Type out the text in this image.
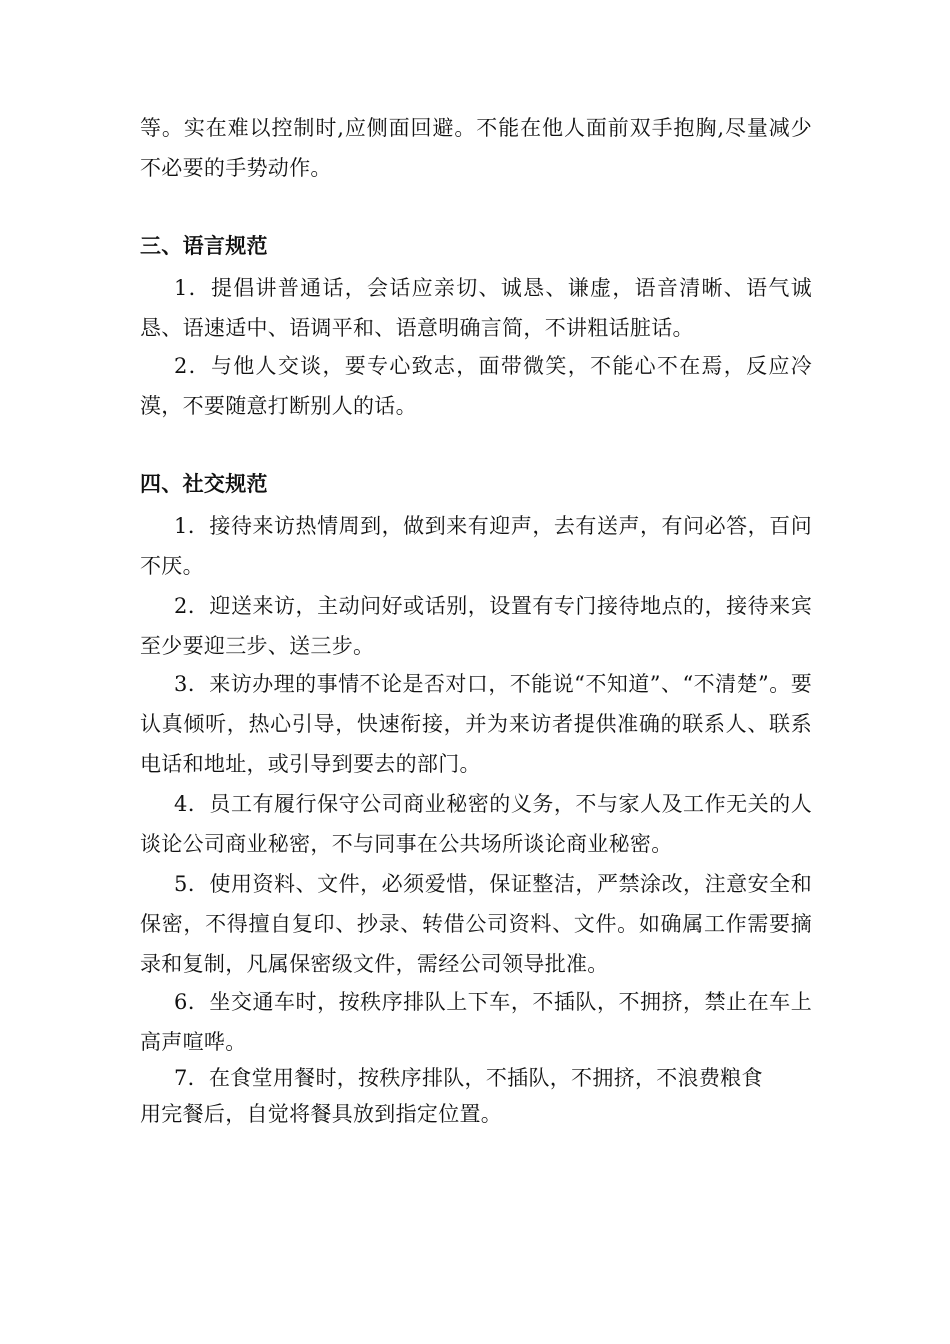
等。实在难以控制时,应侧面回避。不能在他人面前双手抱胸,尽量减少不必要的手势动作。

三、语言规范

1．提倡讲普通话，会话应亲切、诚恳、谦虚，语音清晰、语气诚恳、语速适中、语调平和、语意明确言简，不讲粗话脏话。

2．与他人交谈，要专心致志，面带微笑，不能心不在焉，反应冷漠，不要随意打断别人的话。

四、社交规范

1．接待来访热情周到，做到来有迎声，去有送声，有问必答，百问不厌。

2．迎送来访，主动问好或话别，设置有专门接待地点的，接待来宾至少要迎三步、送三步。

3．来访办理的事情不论是否对口，不能说“不知道”、“不清楚”。要认真倾听，热心引导，快速衔接，并为来访者提供准确的联系人、联系电话和地址，或引导到要去的部门。

4．员工有履行保守公司商业秘密的义务，不与家人及工作无关的人谈论公司商业秘密，不与同事在公共场所谈论商业秘密。

5．使用资料、文件，必须爱惜，保证整洁，严禁涂改，注意安全和保密，不得擅自复印、抄录、转借公司资料、文件。如确属工作需要摘录和复制，凡属保密级文件，需经公司领导批准。

6．坐交通车时，按秩序排队上下车，不插队，不拥挤，禁止在车上高声喧哗。

7．在食堂用餐时，按秩序排队，不插队，不拥挤，不浪费粮食

用完餐后，自觉将餐具放到指定位置。
